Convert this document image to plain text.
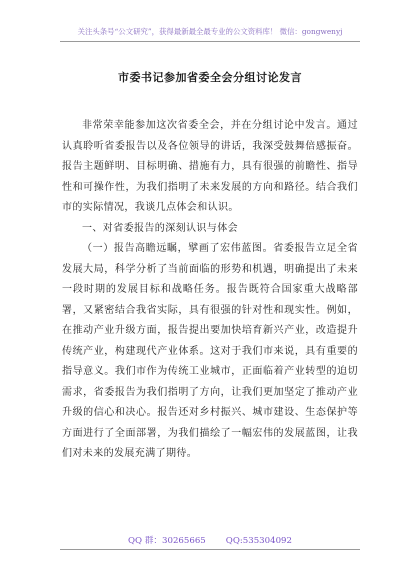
关注头条号“公文研究”，获得最新最全最专业的公文资料库！ 微信：gongwenyj
市委书记参加省委全会分组讨论发言

非常荣幸能参加这次省委全会，并在分组讨论中发言。通过认真聆听省委报告以及各位领导的讲话，我深受鼓舞倍感振奋。报告主题鲜明、目标明确、措施有力，具有很强的前瞻性、指导性和可操作性，为我们指明了未来发展的方向和路径。结合我们市的实际情况，我谈几点体会和认识。

一、对省委报告的深刻认识与体会

（一）报告高瞻远瞩，擘画了宏伟蓝图。省委报告立足全省发展大局，科学分析了当前面临的形势和机遇，明确提出了未来一段时期的发展目标和战略任务。报告既符合国家重大战略部署，又紧密结合我省实际，具有很强的针对性和现实性。例如，在推动产业升级方面，报告提出要加快培育新兴产业，改造提升传统产业，构建现代产业体系。这对于我们市来说，具有重要的指导意义。我们市作为传统工业城市，正面临着产业转型的迫切需求，省委报告为我们指明了方向，让我们更加坚定了推动产业升级的信心和决心。报告还对乡村振兴、城市建设、生态保护等方面进行了全面部署，为我们描绘了一幅宏伟的发展蓝图，让我们对未来的发展充满了期待。

QQ 群：30265665 QQ:535304092
